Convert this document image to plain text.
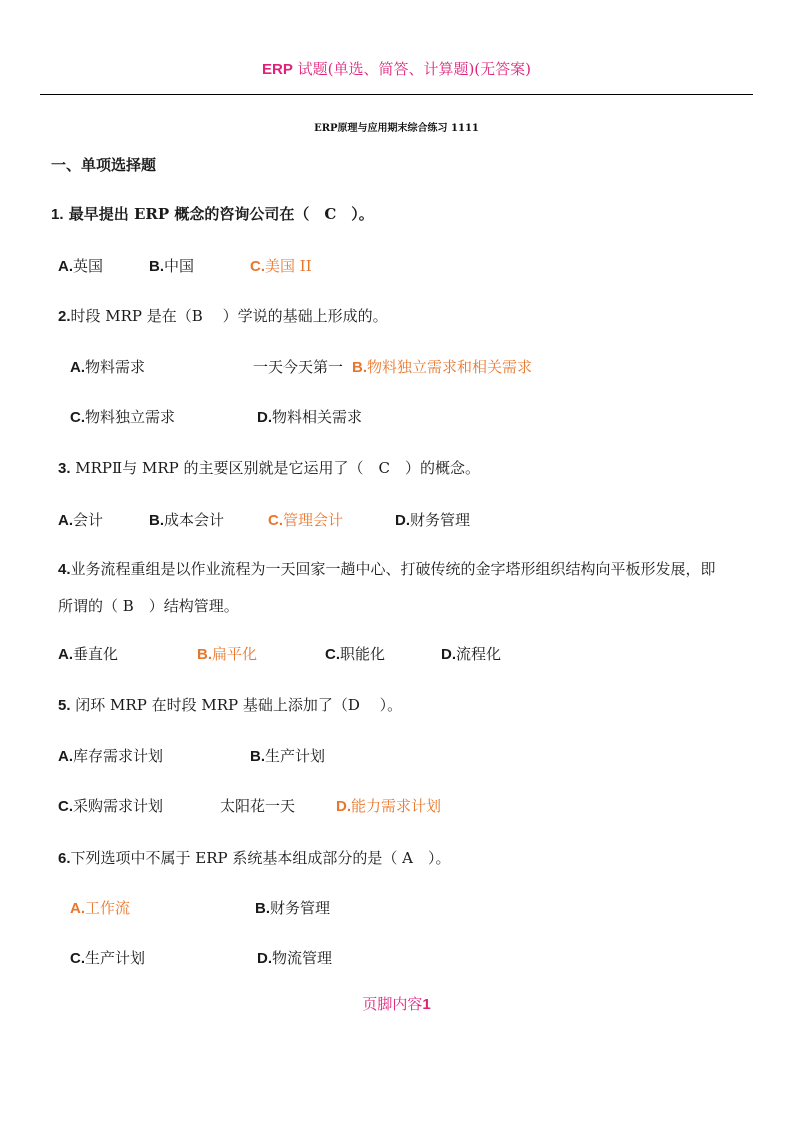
ERP 试题(单选、简答、计算题)(无答案)
ERP原理与应用期末综合练习 1111
一、单项选择题
1. 最早提出 ERP 概念的咨询公司在（　C　）。
A.英国	B.中国	C.美国 II
2.时段 MRP 是在（B　 ）学说的基础上形成的。
A.物料需求	一天今天第一 B.物料独立需求和相关需求
C.物料独立需求	D.物料相关需求
3. MRPⅡ与 MRP 的主要区别就是它运用了（　C　）的概念。
A.会计	B.成本会计	C.管理会计	D.财务管理
4.业务流程重组是以作业流程为一天回家一趟中心、打破传统的金字塔形组织结构向平板形发展，即
所谓的（ B　）结构管理。
A.垂直化	B.扁平化	C.职能化	D.流程化
5. 闭环 MRP 在时段 MRP 基础上添加了（D　 ）。
A.库存需求计划	B.生产计划
C.采购需求计划	太阳花一天	D.能力需求计划
6.下列选项中不属于 ERP 系统基本组成部分的是（ A　）。
A.工作流	B.财务管理
C.生产计划	D.物流管理
页脚内容1
